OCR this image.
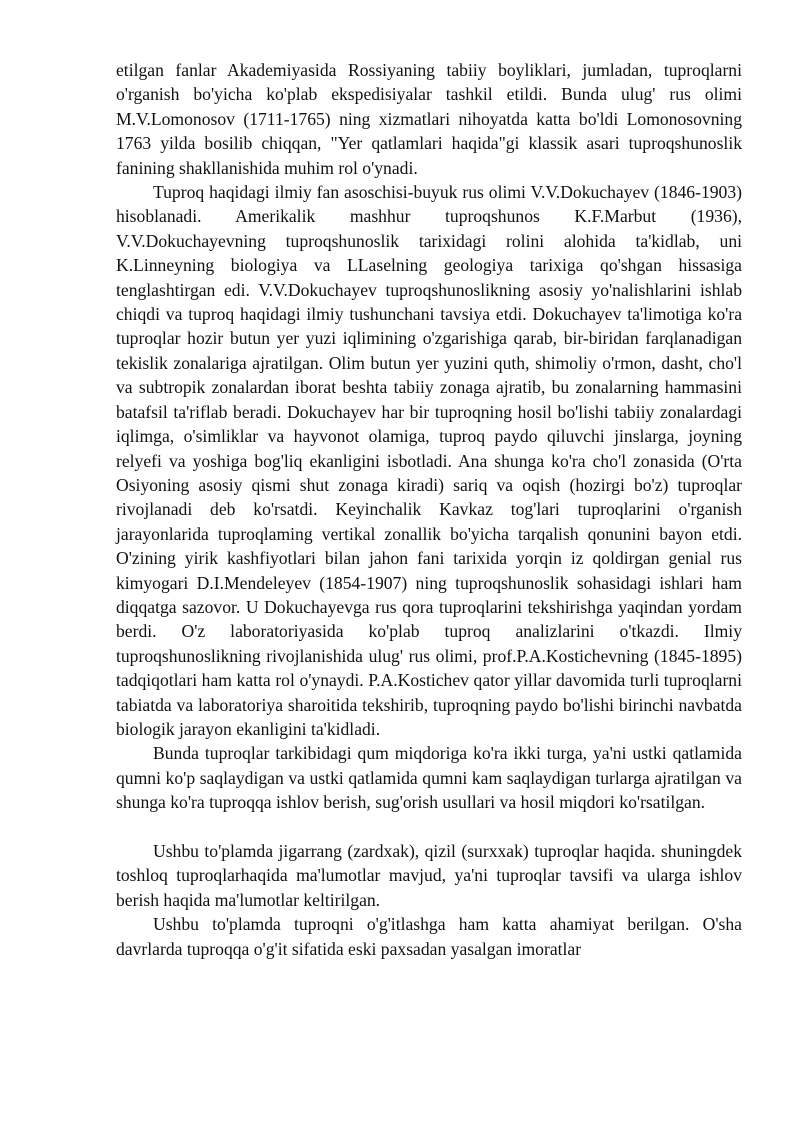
etilgan fanlar Akademiyasida Rossiyaning tabiiy boyliklari, jumladan, tuproqlarni o'rganish bo'yicha ko'plab ekspedisiyalar tashkil etildi. Bunda ulug' rus olimi M.V.Lomonosov (1711-1765) ning xizmatlari nihoyatda katta bo'ldi Lomonosovning 1763 yilda bosilib chiqqan, "Yer qatlamlari haqida"gi klassik asari tuproqshunoslik fanining shakllanishida muhim rol o'ynadi.

Tuproq haqidagi ilmiy fan asoschisi-buyuk rus olimi V.V.Dokuchayev (1846-1903) hisoblanadi. Amerikalik mashhur tuproqshunos K.F.Marbut (1936), V.V.Dokuchayevning tuproqshunoslik tarixidagi rolini alohida ta'kidlab, uni K.Linneyning biologiya va LLaselning geologiya tarixiga qo'shgan hissasiga tenglashtirgan edi. V.V.Dokuchayev tuproqshunoslikning asosiy yo'nalishlarini ishlab chiqdi va tuproq haqidagi ilmiy tushunchani tavsiya etdi. Dokuchayev ta'limotiga ko'ra tuproqlar hozir butun yer yuzi iqlimining o'zgarishiga qarab, bir-biridan farqlanadigan tekislik zonalariga ajratilgan. Olim butun yer yuzini quth, shimoliy o'rmon, dasht, cho'l va subtropik zonalardan iborat beshta tabiiy zonaga ajratib, bu zonalarning hammasini batafsil ta'riflab beradi. Dokuchayev har bir tuproqning hosil bo'lishi tabiiy zonalardagi iqlimga, o'simliklar va hayvonot olamiga, tuproq paydo qiluvchi jinslarga, joyning relyefi va yoshiga bog'liq ekanligini isbotladi. Ana shunga ko'ra cho'l zonasida (O'rta Osiyoning asosiy qismi shut zonaga kiradi) sariq va oqish (hozirgi bo'z) tuproqlar rivojlanadi deb ko'rsatdi. Keyinchalik Kavkaz tog'lari tuproqlarini o'rganish jarayonlarida tuproqlaming vertikal zonallik bo'yicha tarqalish qonunini bayon etdi. O'zining yirik kashfiyotlari bilan jahon fani tarixida yorqin iz qoldirgan genial rus kimyogari D.I.Mendeleyev (1854-1907) ning tuproqshunoslik sohasidagi ishlari ham diqqatga sazovor. U Dokuchayevga rus qora tuproqlarini tekshirishga yaqindan yordam berdi. O'z laboratoriyasida ko'plab tuproq analizlarini o'tkazdi. Ilmiy tuproqshunoslikning rivojlanishida ulug' rus olimi, prof.P.A.Kostichevning (1845-1895) tadqiqotlari ham katta rol o'ynaydi. P.A.Kostichev qator yillar davomida turli tuproqlarni tabiatda va laboratoriya sharoitida tekshirib, tuproqning paydo bo'lishi birinchi navbatda biologik jarayon ekanligini ta'kidladi.

Bunda tuproqlar tarkibidagi qum miqdoriga ko'ra ikki turga, ya'ni ustki qatlamida qumni ko'p saqlaydigan va ustki qatlamida qumni kam saqlaydigan turlarga ajratilgan va shunga ko'ra tuproqqa ishlov berish, sug'orish usullari va hosil miqdori ko'rsatilgan.

Ushbu to'plamda jigarrang (zardxak), qizil (surxxak) tuproqlar haqida. shuningdek toshloq tuproqlarhaqida ma'lumotlar mavjud, ya'ni tuproqlar tavsifi va ularga ishlov berish haqida ma'lumotlar keltirilgan.

Ushbu to'plamda tuproqni o'g'itlashga ham katta ahamiyat berilgan. O'sha davrlarda tuproqqa o'g'it sifatida eski paxsadan yasalgan imoratlar
